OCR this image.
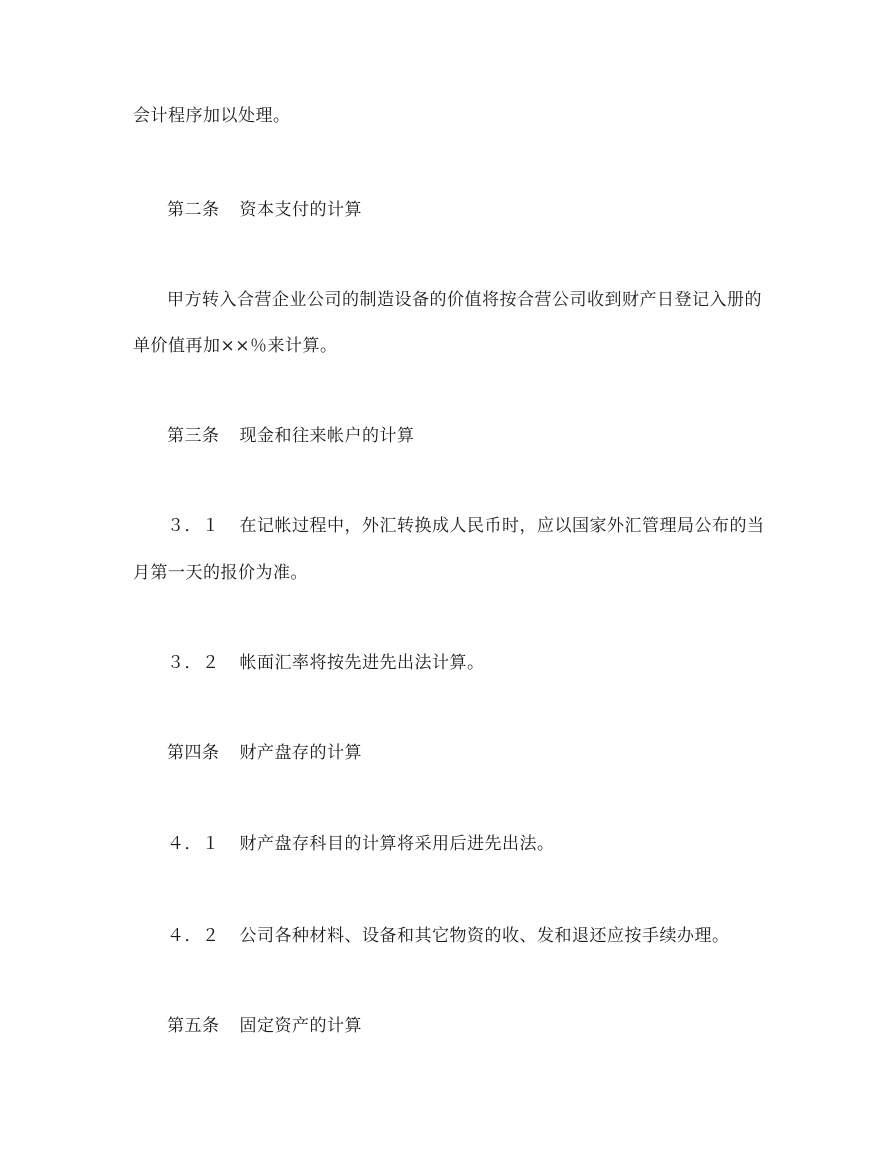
会计程序加以处理。
第二条 资本支付的计算
甲方转入合营企业公司的制造设备的价值将按合营公司收到财产日登记入册的
单价值再加××％来计算。
第三条 现金和往来帐户的计算
３．１ 在记帐过程中，外汇转换成人民币时，应以国家外汇管理局公布的当
月第一天的报价为准。
３．２ 帐面汇率将按先进先出法计算。
第四条 财产盘存的计算
４．１ 财产盘存科目的计算将采用后进先出法。
４．２ 公司各种材料、设备和其它物资的收、发和退还应按手续办理。
第五条 固定资产的计算
